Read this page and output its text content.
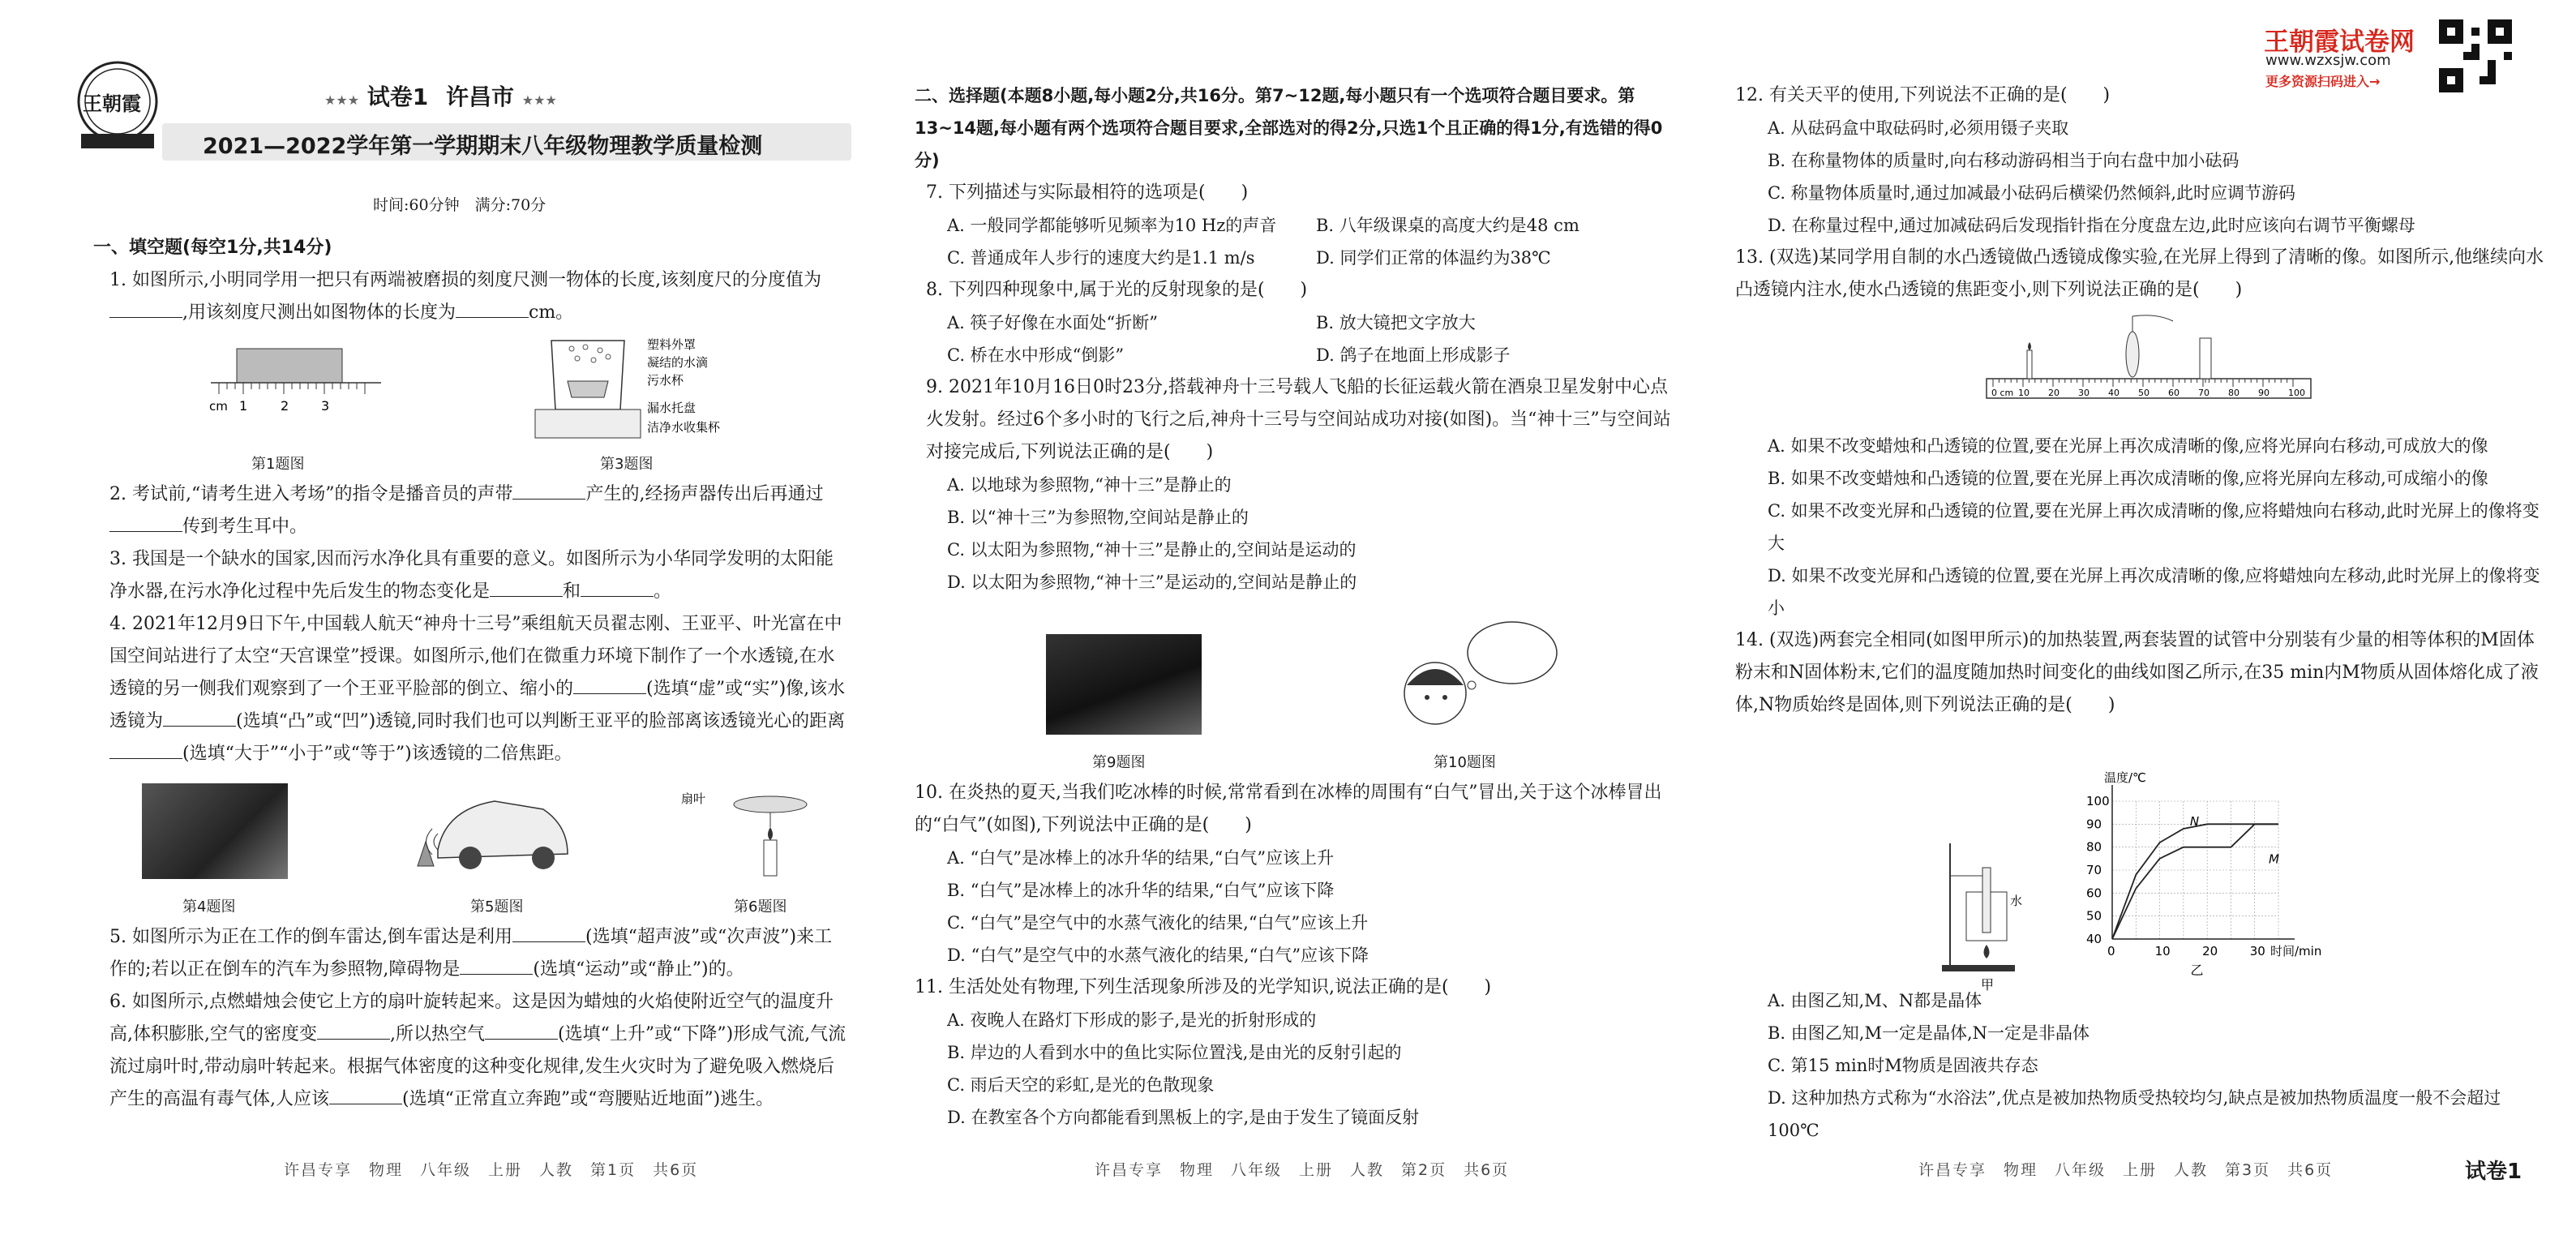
王朝霞	★★★ 试卷1 许昌市 ★★★
2021—2022学年第一学期期末八年级物理教学质量检测
时间:60分钟　满分:70分

一、填空题(每空1分,共14分)

1. 如图所示,小明同学用一把只有两端被磨损的刻度尺测一物体的长度,该刻度尺的分度值为,用该刻度尺测出如图物体的长度为	cm。

cm 1	2 3
第1题图
塑料外罩
凝结的水滴
污水杯
漏水托盘
洁净水收集杯
第3题图

2. 考试前,“请考生进入考场”的指令是播音员的声带	产生的,经扬声器传出后再通过传到考生耳中。

3. 我国是一个缺水的国家,因而污水净化具有重要的意义。如图所示为小华同学发明的太阳能净水器,在污水净化过程中先后发生的物态变化是	和	。

4. 2021年12月9日下午,中国载人航天“神舟十三号”乘组航天员翟志刚、王亚平、叶光富在中国空间站进行了太空“天宫课堂”授课。如图所示,他们在微重力环境下制作了一个水透镜,在水透镜的另一侧我们观察到了一个王亚平脸部的倒立、缩小的	(选填“虚”或“实”)像,该水透镜为	(选填“凸”或“凹”)透镜,同时我们也可以判断王亚平的脸部离该透镜光心的距离(选填“大于”“小于”或“等于”)该透镜的二倍焦距。

第4题图	第5题图
扇叶
第6题图

5. 如图所示为正在工作的倒车雷达,倒车雷达是利用	(选填“超声波”或“次声波”)来工作的;若以正在倒车的汽车为参照物,障碍物是	(选填“运动”或“静止”)的。

6. 如图所示,点燃蜡烛会使它上方的扇叶旋转起来。这是因为蜡烛的火焰使附近空气的温度升高,体积膨胀,空气的密度变	,所以热空气	(选填“上升”或“下降”)形成气流,气流流过扇叶时,带动扇叶转起来。根据气体密度的这种变化规律,发生火灾时为了避免吸入燃烧后产生的高温有毒气体,人应该	(选填“正常直立奔跑”或“弯腰贴近地面”)逃生。

许昌专享　物理　八年级　上册　人教　第1页　共6页

二、选择题(本题8小题,每小题2分,共16分。第7~12题,每小题只有一个选项符合题目要求。第13~14题,每小题有两个选项符合题目要求,全部选对的得2分,只选1个且正确的得1分,有选错的得0分)

7. 下列描述与实际最相符的选项是(　　)

A. 一般同学都能够听见频率为10 Hz的声音	B. 八年级课桌的高度大约是48 cm
C. 普通成年人步行的速度大约是1.1 m/s	D. 同学们正常的体温约为38℃

8. 下列四种现象中,属于光的反射现象的是(　　)

A. 筷子好像在水面处“折断”	B. 放大镜把文字放大
C. 桥在水中形成“倒影”	D. 鸽子在地面上形成影子

9. 2021年10月16日0时23分,搭载神舟十三号载人飞船的长征运载火箭在酒泉卫星发射中心点火发射。经过6个多小时的飞行之后,神舟十三号与空间站成功对接(如图)。当“神十三”与空间站对接完成后,下列说法正确的是(　　)

A. 以地球为参照物,“神十三”是静止的

B. 以“神十三”为参照物,空间站是静止的

C. 以太阳为参照物,“神十三”是静止的,空间站是运动的

D. 以太阳为参照物,“神十三”是运动的,空间站是静止的

第9题图	第10题图

10. 在炎热的夏天,当我们吃冰棒的时候,常常看到在冰棒的周围有“白气”冒出,关于这个冰棒冒出的“白气”(如图),下列说法中正确的是(　　)

A. “白气”是冰棒上的冰升华的结果,“白气”应该上升

B. “白气”是冰棒上的冰升华的结果,“白气”应该下降

C. “白气”是空气中的水蒸气液化的结果,“白气”应该上升

D. “白气”是空气中的水蒸气液化的结果,“白气”应该下降

11. 生活处处有物理,下列生活现象所涉及的光学知识,说法正确的是(　　)

A. 夜晚人在路灯下形成的影子,是光的折射形成的

B. 岸边的人看到水中的鱼比实际位置浅,是由光的反射引起的

C. 雨后天空的彩虹,是光的色散现象

D. 在教室各个方向都能看到黑板上的字,是由于发生了镜面反射

许昌专享　物理　八年级　上册　人教　第2页　共6页
王朝霞试卷网
www.wzxsjw.com
更多资源扫码进入→

12. 有关天平的使用,下列说法不正确的是(　　)

A. 从砝码盒中取砝码时,必须用镊子夹取

B. 在称量物体的质量时,向右移动游码相当于向右盘中加小砝码

C. 称量物体质量时,通过加减最小砝码后横梁仍然倾斜,此时应调节游码

D. 在称量过程中,通过加减砝码后发现指针指在分度盘左边,此时应该向右调节平衡螺母

13. (双选)某同学用自制的水凸透镜做凸透镜成像实验,在光屏上得到了清晰的像。如图所示,他继续向水凸透镜内注水,使水凸透镜的焦距变小,则下列说法正确的是(　　)

0 cm 10 20 30 40 50 60 70 80 90 100

A. 如果不改变蜡烛和凸透镜的位置,要在光屏上再次成清晰的像,应将光屏向右移动,可成放大的像

B. 如果不改变蜡烛和凸透镜的位置,要在光屏上再次成清晰的像,应将光屏向左移动,可成缩小的像

C. 如果不改变光屏和凸透镜的位置,要在光屏上再次成清晰的像,应将蜡烛向右移动,此时光屏上的像将变大

D. 如果不改变光屏和凸透镜的位置,要在光屏上再次成清晰的像,应将蜡烛向左移动,此时光屏上的像将变小

14. (双选)两套完全相同(如图甲所示)的加热装置,两套装置的试管中分别装有少量的相等体积的M固体粉末和N固体粉末,它们的温度随加热时间变化的曲线如图乙所示,在35 min内M物质从固体熔化成了液体,N物质始终是固体,则下列说法正确的是(　　)

水
甲
0	10	20	30
40
50
60
70
80
90
100
温度/℃
时间/min
乙
N
M

A. 由图乙知,M、N都是晶体

B. 由图乙知,M一定是晶体,N一定是非晶体

C. 第15 min时M物质是固液共存态

D. 这种加热方式称为“水浴法”,优点是被加热物质受热较均匀,缺点是被加热物质温度一般不会超过100℃

许昌专享　物理　八年级　上册　人教　第3页　共6页	试卷1
